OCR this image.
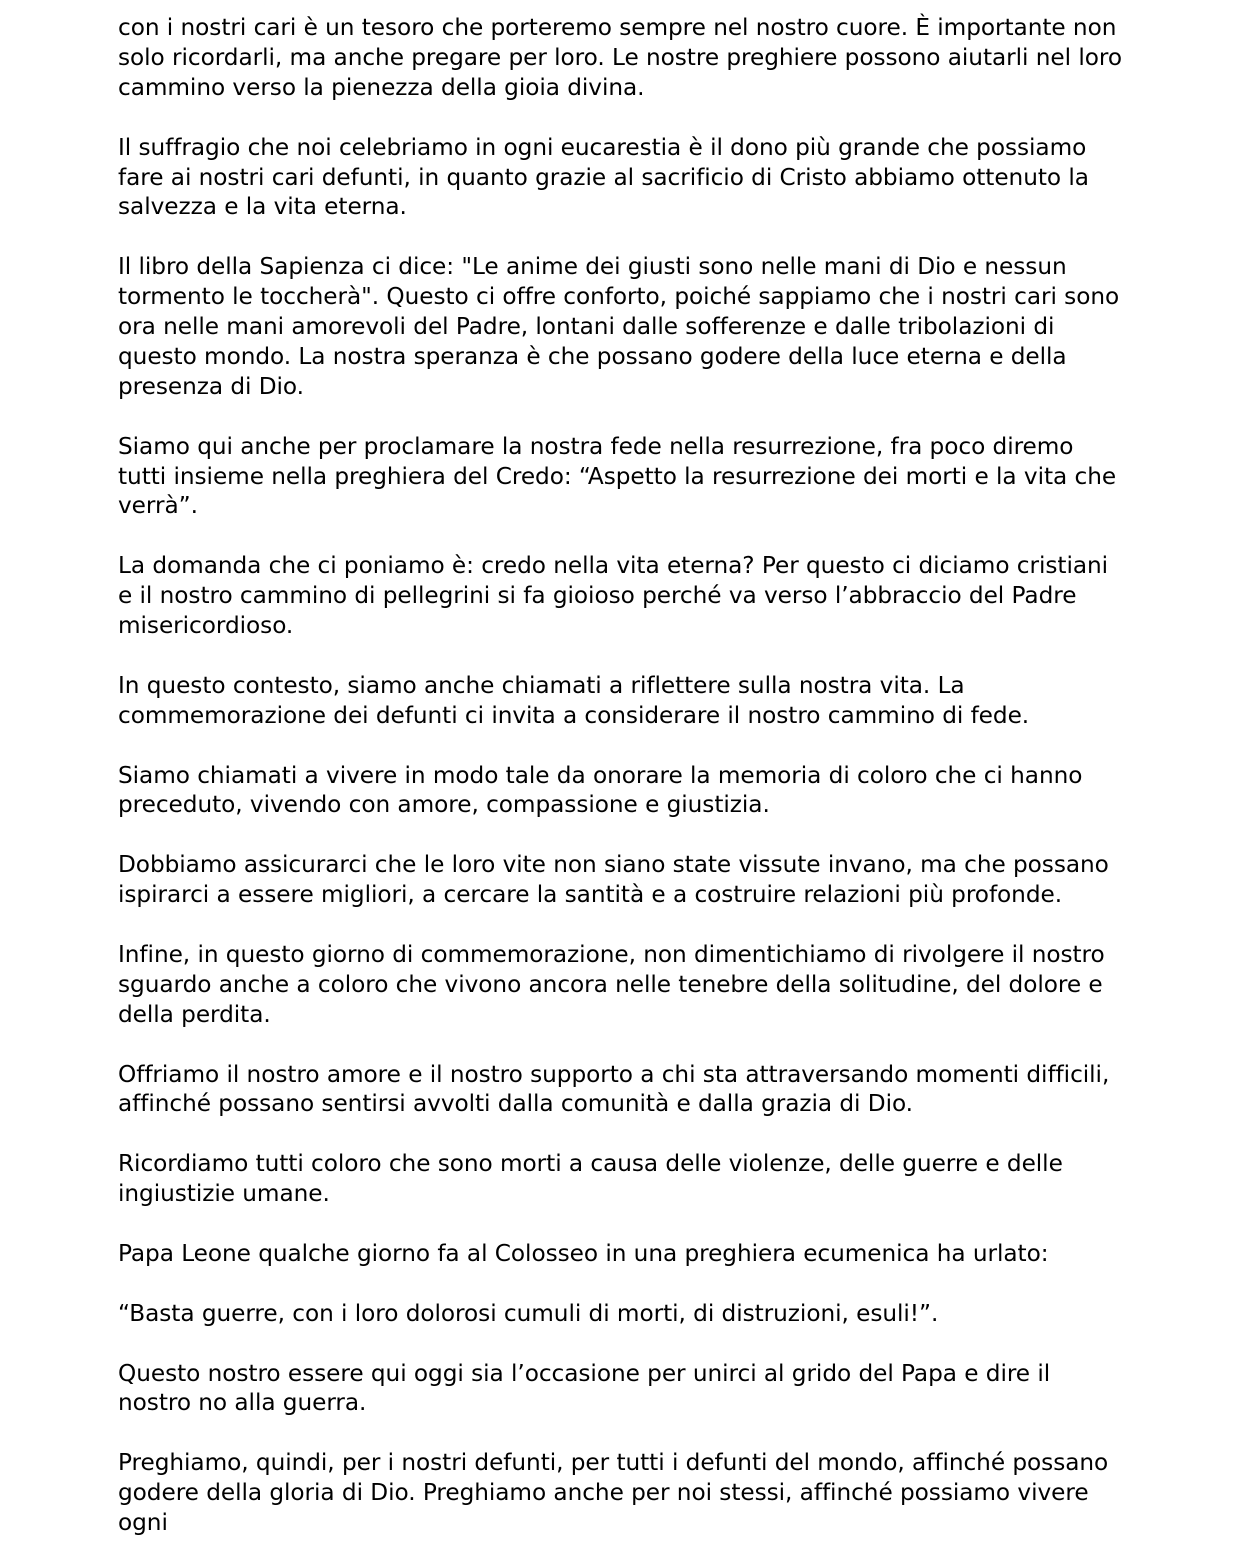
con i nostri cari è un tesoro che porteremo sempre nel nostro cuore. È importante non solo ricordarli, ma anche pregare per loro. Le nostre preghiere possono aiutarli nel loro cammino verso la pienezza della gioia divina.

Il suffragio che noi celebriamo in ogni eucarestia è il dono più grande che possiamo fare ai nostri cari defunti, in quanto grazie al sacrificio di Cristo abbiamo ottenuto la salvezza e la vita eterna.

Il libro della Sapienza ci dice: "Le anime dei giusti sono nelle mani di Dio e nessun tormento le toccherà". Questo ci offre conforto, poiché sappiamo che i nostri cari sono ora nelle mani amorevoli del Padre, lontani dalle sofferenze e dalle tribolazioni di questo mondo. La nostra speranza è che possano godere della luce eterna e della presenza di Dio.

Siamo qui anche per proclamare la nostra fede nella resurrezione, fra poco diremo tutti insieme nella preghiera del Credo: “Aspetto la resurrezione dei morti e la vita che verrà”.

La domanda che ci poniamo è: credo nella vita eterna? Per questo ci diciamo cristiani e il nostro cammino di pellegrini si fa gioioso perché va verso l’abbraccio del Padre misericordioso.

In questo contesto, siamo anche chiamati a riflettere sulla nostra vita. La commemorazione dei defunti ci invita a considerare il nostro cammino di fede.

Siamo chiamati a vivere in modo tale da onorare la memoria di coloro che ci hanno preceduto, vivendo con amore, compassione e giustizia.

Dobbiamo assicurarci che le loro vite non siano state vissute invano, ma che possano ispirarci a essere migliori, a cercare la santità e a costruire relazioni più profonde.

Infine, in questo giorno di commemorazione, non dimentichiamo di rivolgere il nostro sguardo anche a coloro che vivono ancora nelle tenebre della solitudine, del dolore e della perdita.

Offriamo il nostro amore e il nostro supporto a chi sta attraversando momenti difficili, affinché possano sentirsi avvolti dalla comunità e dalla grazia di Dio.

Ricordiamo tutti coloro che sono morti a causa delle violenze, delle guerre e delle ingiustizie umane.

Papa Leone qualche giorno fa al Colosseo in una preghiera ecumenica ha urlato:

“Basta guerre, con i loro dolorosi cumuli di morti, di distruzioni, esuli!”.

Questo nostro essere qui oggi sia l’occasione per unirci al grido del Papa e dire il nostro no alla guerra.

Preghiamo, quindi, per i nostri defunti, per tutti i defunti del mondo, affinché possano godere della gloria di Dio. Preghiamo anche per noi stessi, affinché possiamo vivere ogni
